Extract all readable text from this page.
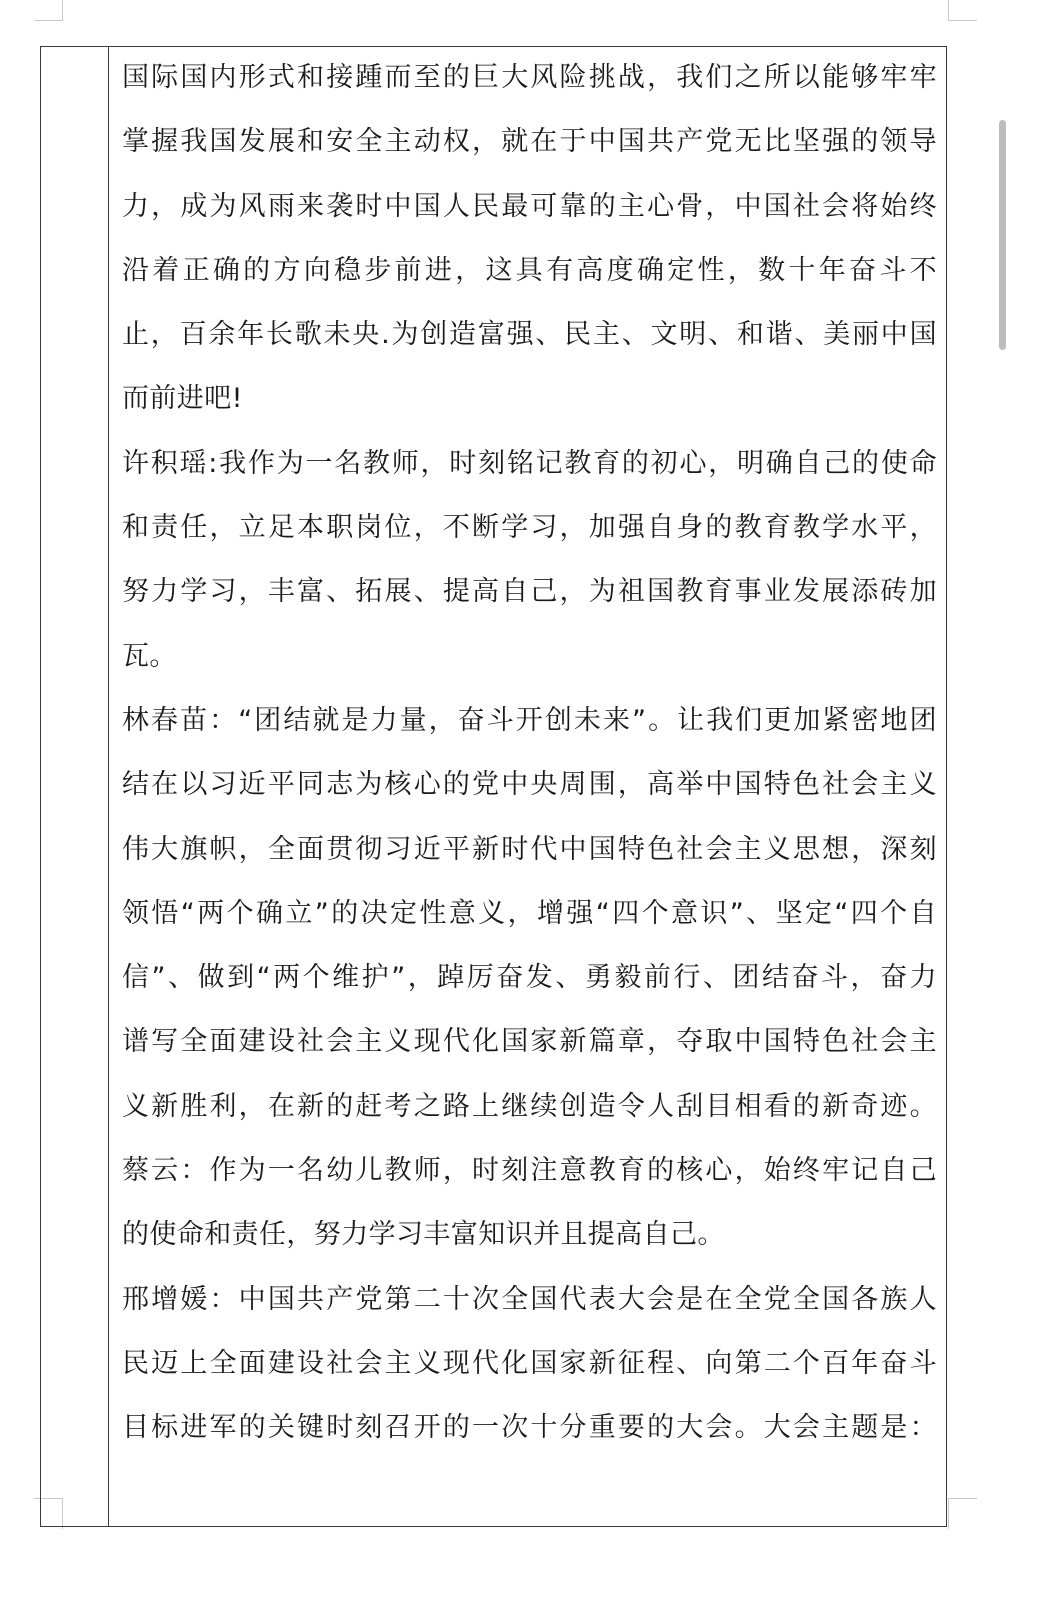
国际国内形式和接踵而至的巨大风险挑战，我们之所以能够牢牢
掌握我国发展和安全主动权，就在于中国共产党无比坚强的领导
力，成为风雨来袭时中国人民最可靠的主心骨，中国社会将始终
沿着正确的方向稳步前进，这具有高度确定性，数十年奋斗不
止，百余年长歌未央.为创造富强、民主、文明、和谐、美丽中国
而前进吧!
许积瑶:我作为一名教师，时刻铭记教育的初心，明确自己的使命
和责任，立足本职岗位，不断学习，加强自身的教育教学水平，
努力学习，丰富、拓展、提高自己，为祖国教育事业发展添砖加
瓦。
林春苗：“团结就是力量，奋斗开创未来”。让我们更加紧密地团
结在以习近平同志为核心的党中央周围，高举中国特色社会主义
伟大旗帜，全面贯彻习近平新时代中国特色社会主义思想，深刻
领悟“两个确立”的决定性意义，增强“四个意识”、坚定“四个自
信”、做到“两个维护”，踔厉奋发、勇毅前行、团结奋斗，奋力
谱写全面建设社会主义现代化国家新篇章，夺取中国特色社会主
义新胜利，在新的赶考之路上继续创造令人刮目相看的新奇迹。
蔡云：作为一名幼儿教师，时刻注意教育的核心，始终牢记自己
的使命和责任，努力学习丰富知识并且提高自己。
邢增媛：中国共产党第二十次全国代表大会是在全党全国各族人
民迈上全面建设社会主义现代化国家新征程、向第二个百年奋斗
目标进军的关键时刻召开的一次十分重要的大会。大会主题是：
